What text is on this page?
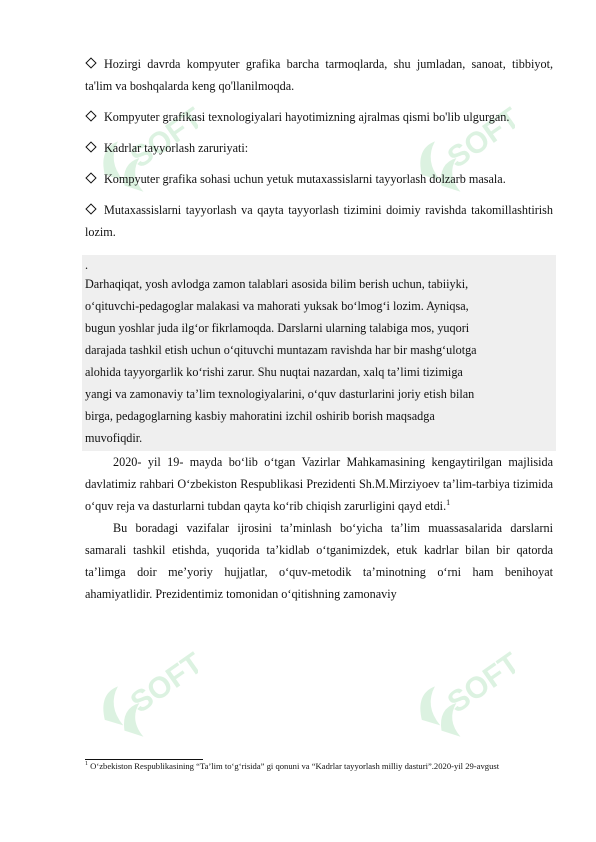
SOFT	SOFT
SOFT	SOFT

Hozirgi davrda kompyuter grafika barcha tarmoqlarda, shu jumladan, sanoat, tibbiyot, ta'lim va boshqalarda keng qo'llanilmoqda.

Kompyuter grafikasi texnologiyalari hayotimizning ajralmas qismi bo'lib ulgurgan.

Kadrlar tayyorlash zaruriyati:

Kompyuter grafika sohasi uchun yetuk mutaxassislarni tayyorlash dolzarb masala.

Mutaxassislarni tayyorlash va qayta tayyorlash tizimini doimiy ravishda takomillashtirish lozim.

.
Darhaqiqat, yosh avlodga zamon talablari asosida bilim berish uchun, tabiiyki,
o‘qituvchi-pedagoglar malakasi va mahorati yuksak bo‘lmog‘i lozim. Ayniqsa,
bugun yoshlar juda ilg‘or fikrlamoqda. Darslarni ularning talabiga mos, yuqori
darajada tashkil etish uchun o‘qituvchi muntazam ravishda har bir mashg‘ulotga
alohida tayyorgarlik ko‘rishi zarur. Shu nuqtai nazardan, xalq ta’limi tizimiga
yangi va zamonaviy ta’lim texnologiyalarini, o‘quv dasturlarini joriy etish bilan
birga, pedagoglarning kasbiy mahoratini izchil oshirib borish maqsadga
muvofiqdir.

2020- yil 19- mayda bo‘lib o‘tgan Vazirlar Mahkamasining kengaytirilgan majlisida davlatimiz rahbari O‘zbekiston Respublikasi Prezidenti Sh.M.Mirziyoev ta’lim-tarbiya tizimida o‘quv reja va dasturlarni tubdan qayta ko‘rib chiqish zarurligini qayd etdi.$^1$

Bu boradagi vazifalar ijrosini ta’minlash bo‘yicha ta’lim muassasalarida darslarni samarali tashkil etishda, yuqorida ta’kidlab o‘tganimizdek, etuk kadrlar bilan bir qatorda ta’limga doir me’yoriy hujjatlar, o‘quv-metodik ta’minotning o‘rni ham benihoyat ahamiyatlidir. Prezidentimiz tomonidan o‘qitishning zamonaviy

$^1$ O‘zbekiston Respublikasining “Ta’lim to‘g‘risida” gi qonuni va “Kadrlar tayyorlash milliy dasturi”.2020-yil 29-avgust
